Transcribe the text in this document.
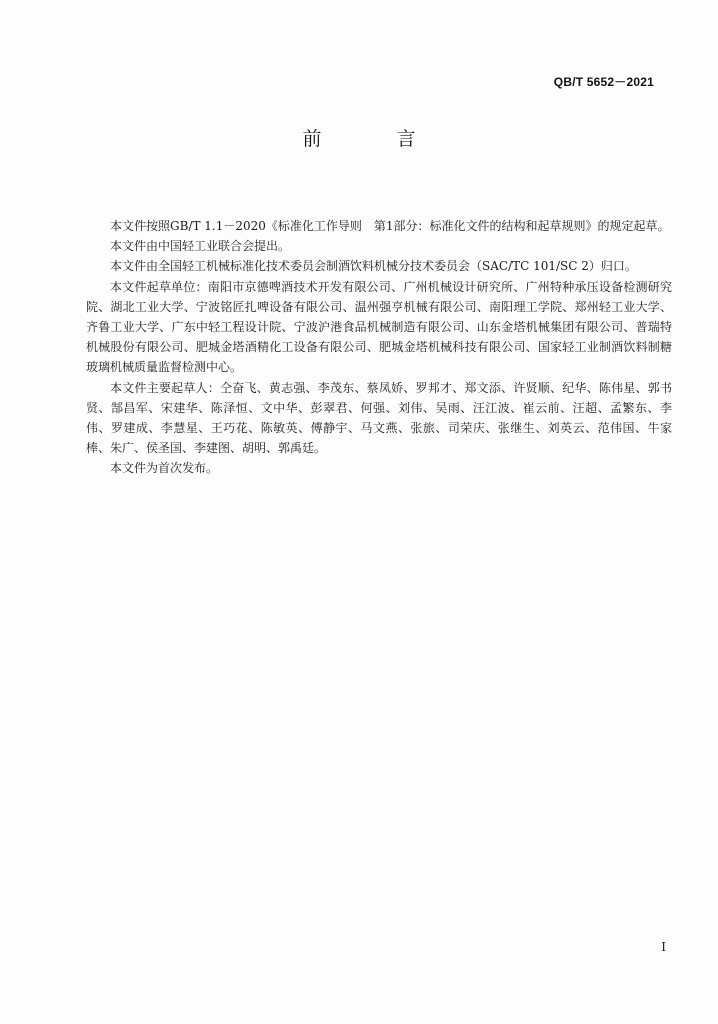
QB/T 5652－2021
前　言

本文件按照GB/T 1.1－2020《标准化工作导则　第1部分：标准化文件的结构和起草规则》的规定起草。

本文件由中国轻工业联合会提出。

本文件由全国轻工机械标准化技术委员会制酒饮料机械分技术委员会（SAC/TC 101/SC 2）归口。

本文件起草单位：南阳市京德啤酒技术开发有限公司、广州机械设计研究所、广州特种承压设备检测研究院、湖北工业大学、宁波铭匠扎啤设备有限公司、温州强亨机械有限公司、南阳理工学院、郑州轻工业大学、齐鲁工业大学、广东中轻工程设计院、宁波沪港食品机械制造有限公司、山东金塔机械集团有限公司、普瑞特机械股份有限公司、肥城金塔酒精化工设备有限公司、肥城金塔机械科技有限公司、国家轻工业制酒饮料制糖玻璃机械质量监督检测中心。

本文件主要起草人：仝奋飞、黄志强、李茂东、蔡凤娇、罗邦才、郑文添、许贤顺、纪华、陈伟星、郭书贤、郜昌军、宋建华、陈泽恒、文中华、彭翠君、何强、刘伟、吴雨、汪江波、崔云前、汪超、孟繁东、李伟、罗建成、李慧星、王巧花、陈敏英、傅静宇、马文燕、张旅、司荣庆、张继生、刘英云、范伟国、牛家棒、朱广、侯圣国、李建图、胡明、郭禹廷。

本文件为首次发布。

I
